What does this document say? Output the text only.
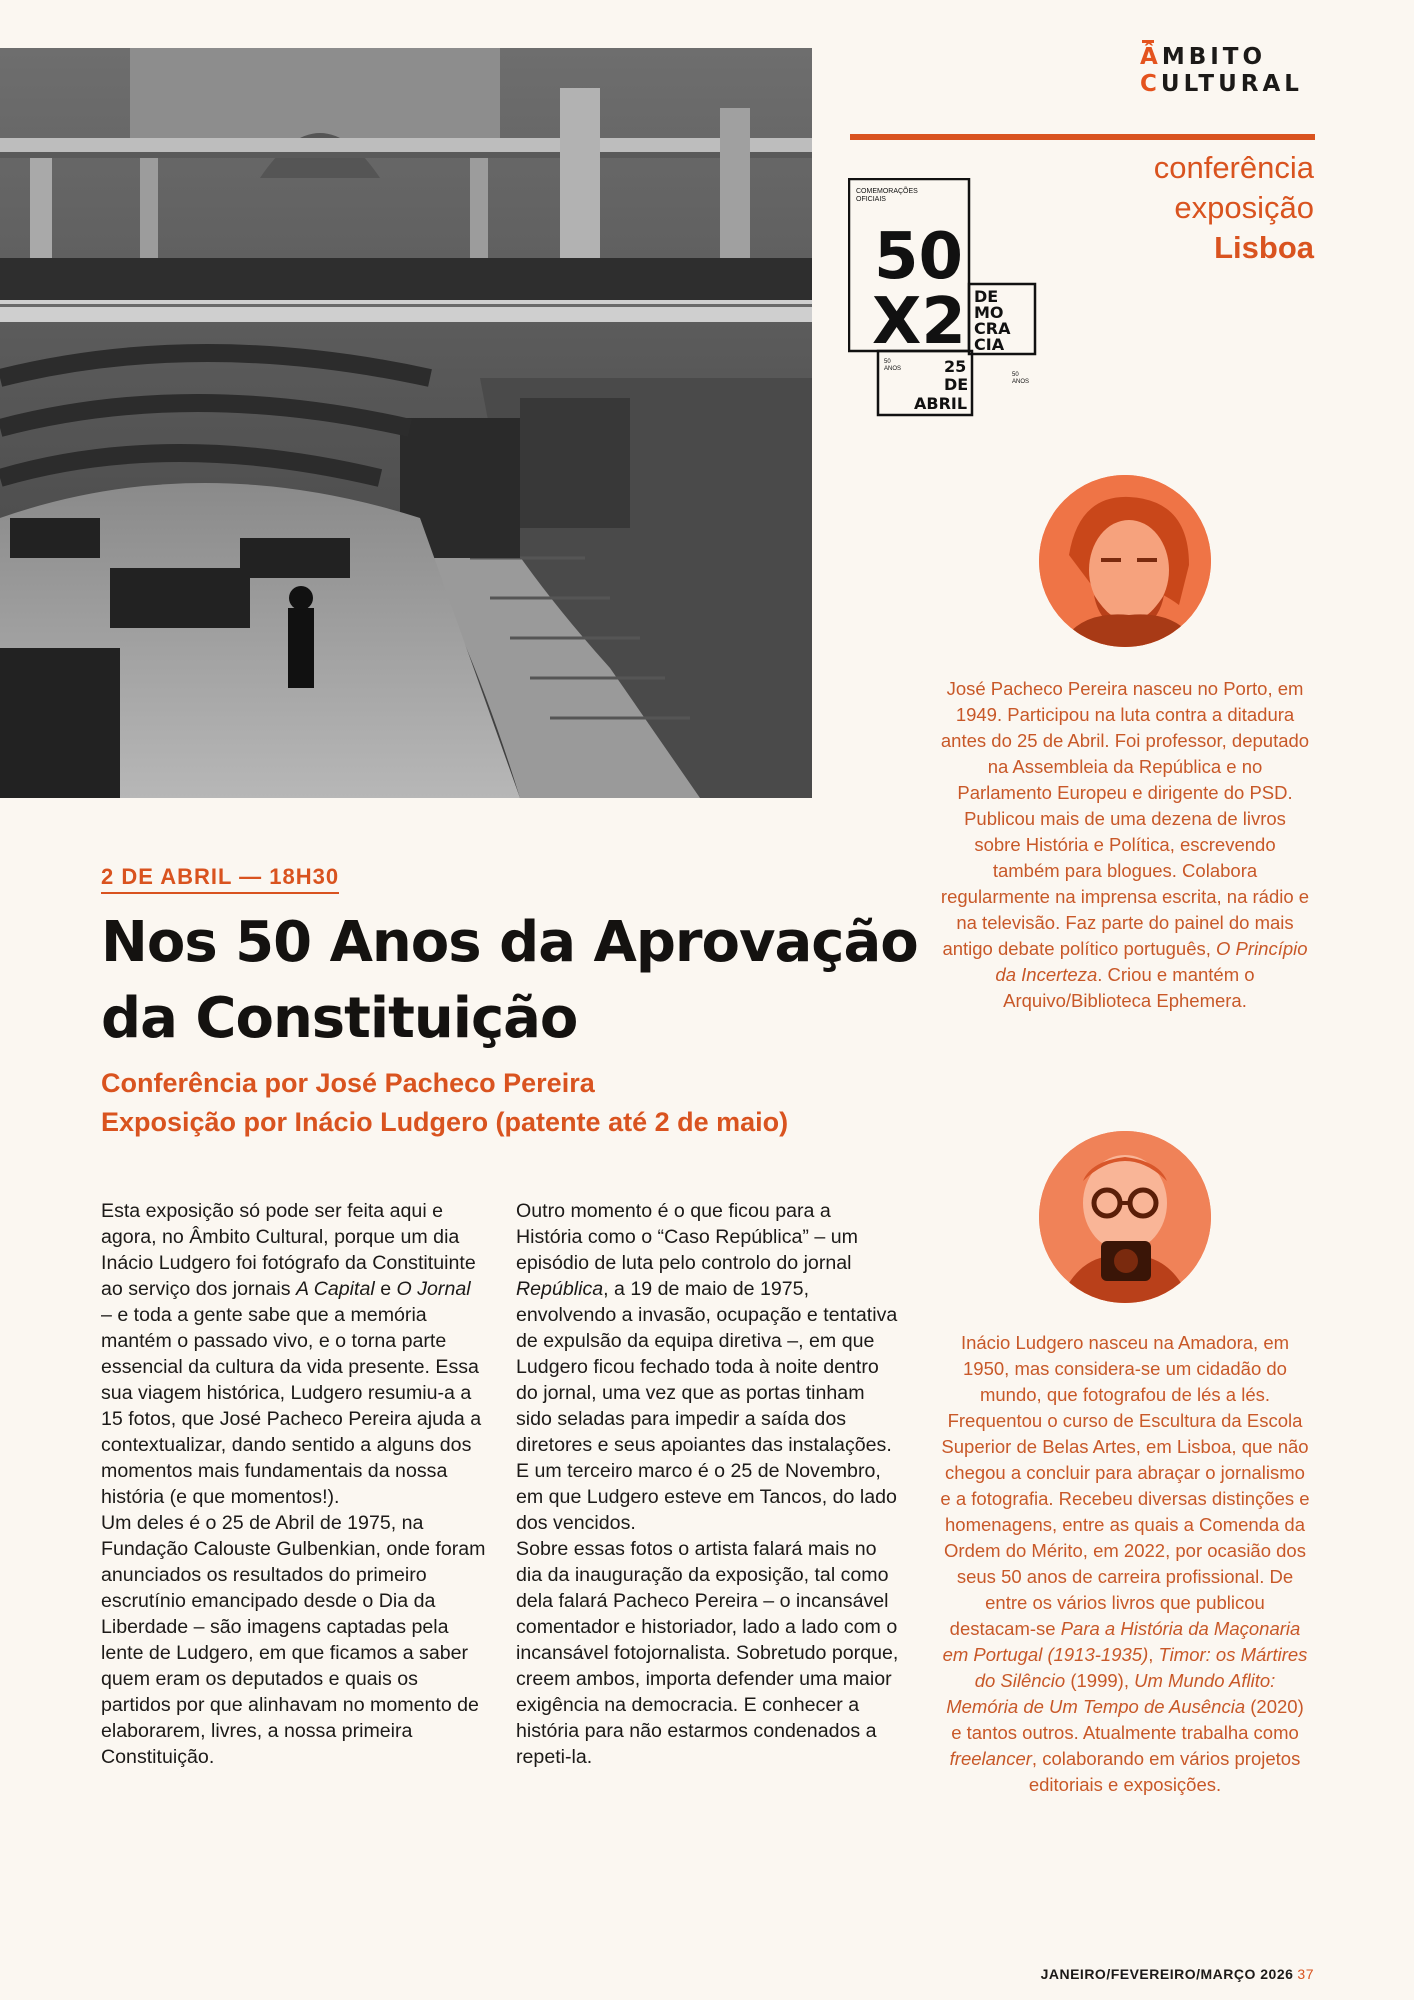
ÂMBITO
CULTURAL
conferência
exposição
Lisboa
COMEMORAÇÕES
OFICIAIS
50
X2 DE
MO
CRA
CIA
50
ANOS
50
ANOS
25
DE
ABRIL
José Pacheco Pereira nasceu no Porto, em 1949. Participou na luta contra a ditadura antes do 25 de Abril. Foi professor, deputado na Assembleia da República e no Parlamento Europeu e dirigente do PSD. Publicou mais de uma dezena de livros sobre História e Política, escrevendo também para blogues. Colabora regularmente na imprensa escrita, na rádio e na televisão. Faz parte do painel do mais antigo debate político português, O Princípio da Incerteza. Criou e mantém o Arquivo/Biblioteca Ephemera.
Inácio Ludgero nasceu na Amadora, em 1950, mas considera-se um cidadão do mundo, que fotografou de lés a lés. Frequentou o curso de Escultura da Escola Superior de Belas Artes, em Lisboa, que não chegou a concluir para abraçar o jornalismo e a fotografia. Recebeu diversas distinções e homenagens, entre as quais a Comenda da Ordem do Mérito, em 2022, por ocasião dos seus 50 anos de carreira profissional. De entre os vários livros que publicou destacam-se Para a História da Maçonaria em Portugal (1913-1935), Timor: os Mártires do Silêncio (1999), Um Mundo Aflito: Memória de Um Tempo de Ausência (2020) e tantos outros. Atualmente trabalha como freelancer, colaborando em vários projetos editoriais e exposições.
2 DE ABRIL — 18H30
Nos 50 Anos da Aprovação
da Constituição
Conferência por José Pacheco Pereira
Exposição por Inácio Ludgero (patente até 2 de maio)

Esta exposição só pode ser feita aqui e agora, no Âmbito Cultural, porque um dia Inácio Ludgero foi fotógrafo da Constituinte ao serviço dos jornais A Capital e O Jornal – e toda a gente sabe que a memória mantém o passado vivo, e o torna parte essencial da cultura da vida presente. Essa sua viagem histórica, Ludgero resumiu-a a 15 fotos, que José Pacheco Pereira ajuda a contextualizar, dando sentido a alguns dos momentos mais fundamentais da nossa história (e que momentos!).

Um deles é o 25 de Abril de 1975, na Fundação Calouste Gulbenkian, onde foram anunciados os resultados do primeiro escrutínio emancipado desde o Dia da Liberdade – são imagens captadas pela lente de Ludgero, em que ficamos a saber quem eram os deputados e quais os partidos por que alinhavam no momento de elaborarem, livres, a nossa primeira Constituição.

Outro momento é o que ficou para a História como o “Caso República” – um episódio de luta pelo controlo do jornal República, a 19 de maio de 1975, envolvendo a invasão, ocupação e tentativa de expulsão da equipa diretiva –, em que Ludgero ficou fechado toda à noite dentro do jornal, uma vez que as portas tinham sido seladas para impedir a saída dos diretores e seus apoiantes das instalações. E um terceiro marco é o 25 de Novembro, em que Ludgero esteve em Tancos, do lado dos vencidos.

Sobre essas fotos o artista falará mais no dia da inauguração da exposição, tal como dela falará Pacheco Pereira – o incansável comentador e historiador, lado a lado com o incansável fotojornalista. Sobretudo porque, creem ambos, importa defender uma maior exigência na democracia. E conhecer a história para não estarmos condenados a repeti-la.

JANEIRO/FEVEREIRO/MARÇO 2026 37
